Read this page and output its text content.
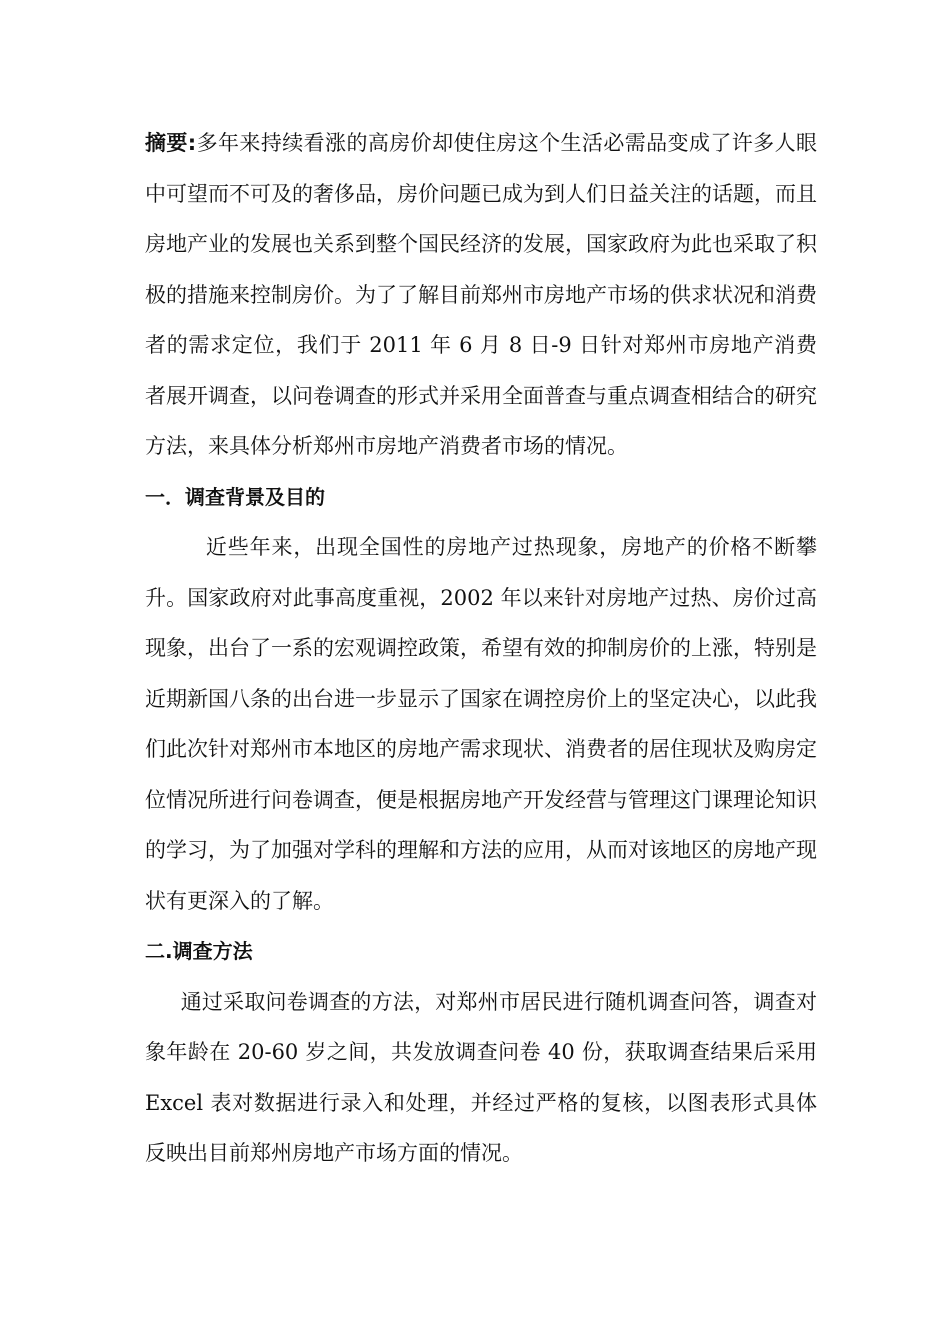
摘要:多年来持续看涨的高房价却使住房这个生活必需品变成了许多人眼中可望而不可及的奢侈品，房价问题已成为到人们日益关注的话题，而且房地产业的发展也关系到整个国民经济的发展，国家政府为此也采取了积极的措施来控制房价。为了了解目前郑州市房地产市场的供求状况和消费者的需求定位，我们于 2011 年 6 月 8 日-9 日针对郑州市房地产消费者展开调查，以问卷调查的形式并采用全面普查与重点调查相结合的研究方法，来具体分析郑州市房地产消费者市场的情况。

一．调查背景及目的

近些年来，出现全国性的房地产过热现象，房地产的价格不断攀升。国家政府对此事高度重视，2002 年以来针对房地产过热、房价过高现象，出台了一系的宏观调控政策，希望有效的抑制房价的上涨，特别是近期新国八条的出台进一步显示了国家在调控房价上的坚定决心，以此我们此次针对郑州市本地区的房地产需求现状、消费者的居住现状及购房定位情况所进行问卷调查，便是根据房地产开发经营与管理这门课理论知识的学习，为了加强对学科的理解和方法的应用，从而对该地区的房地产现状有更深入的了解。

二.调查方法

通过采取问卷调查的方法，对郑州市居民进行随机调查问答，调查对象年龄在 20-60 岁之间，共发放调查问卷 40 份，获取调查结果后采用 Excel 表对数据进行录入和处理，并经过严格的复核，以图表形式具体反映出目前郑州房地产市场方面的情况。
